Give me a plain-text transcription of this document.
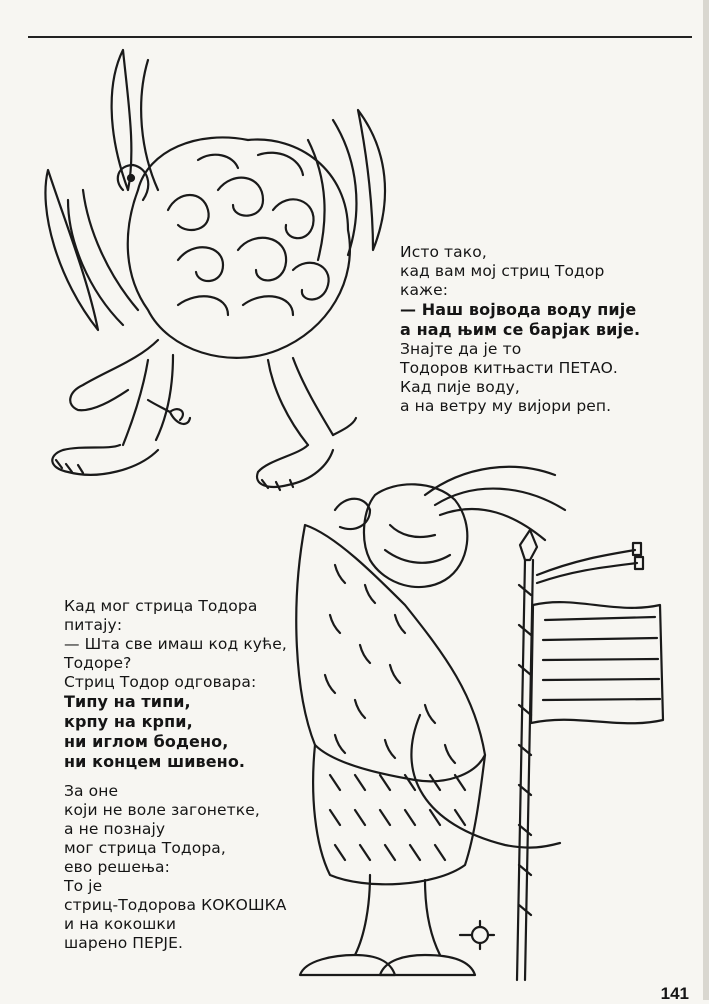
Исто тако,
кад вам мој стриц Тодор
каже:
— Наш војвода воду пије
а над њим се барјак вије.
Знајте да је то
Тодоров китњасти ПЕТАО.
Кад пије воду,
а на ветру му вијори реп.
Кад мог стрица Тодора
питају:
— Шта све имаш код куће,
Тодоре?
Стриц Тодор одговара:
Типу на типи,
крпу на крпи,
ни иглом бодено,
ни концем шивено.
За оне
који не воле загонетке,
а не познају
мог стрица Тодора,
ево решења:
То је
стриц-Тодорова КОКОШКА
и на кокошки
шарено ПЕРЈЕ.
141
